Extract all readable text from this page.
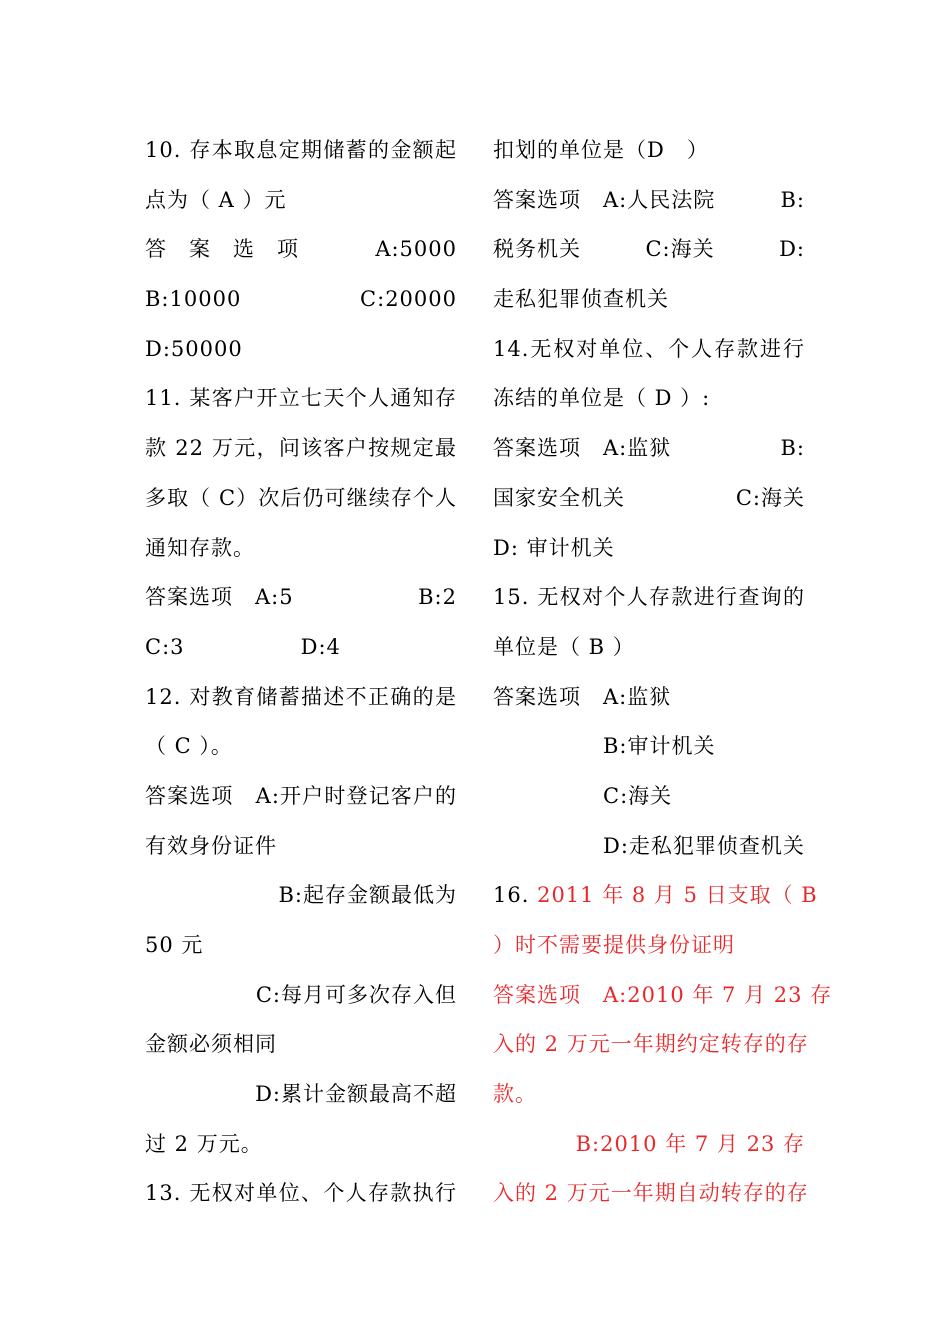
10. 存本取息定期储蓄的金额起
点为（ A ）元
答　案　选　项	A:5000
B:10000	C:20000
D:50000
11. 某客户开立七天个人通知存
款 22 万元，问该客户按规定最
多取（ C）次后仍可继续存个人
通知存款。
答案选项　A:5	B:2
C:3	D:4
12. 对教育储蓄描述不正确的是
（ C ）。
答案选项　A:开户时登记客户的
有效身份证件
B:起存金额最低为
50 元
C:每月可多次存入但
金额必须相同
D:累计金额最高不超
过 2 万元。
13. 无权对单位、个人存款执行
扣划的单位是（D　）
答案选项　A:人民法院	B:
税务机关	C:海关	D:
走私犯罪侦查机关
14.无权对单位、个人存款进行
冻结的单位是（ D ）:
答案选项　A:监狱	B:
国家安全机关	C:海关
D: 审计机关
15. 无权对个人存款进行查询的
单位是（ B ）
答案选项　A:监狱
B:审计机关
C:海关
D:走私犯罪侦查机关
16. 2011 年 8 月 5 日支取（ B
）时不需要提供身份证明
答案选项　A:2010 年 7 月 23 存
入的 2 万元一年期约定转存的存
款。
B:2010 年 7 月 23 存
入的 2 万元一年期自动转存的存
